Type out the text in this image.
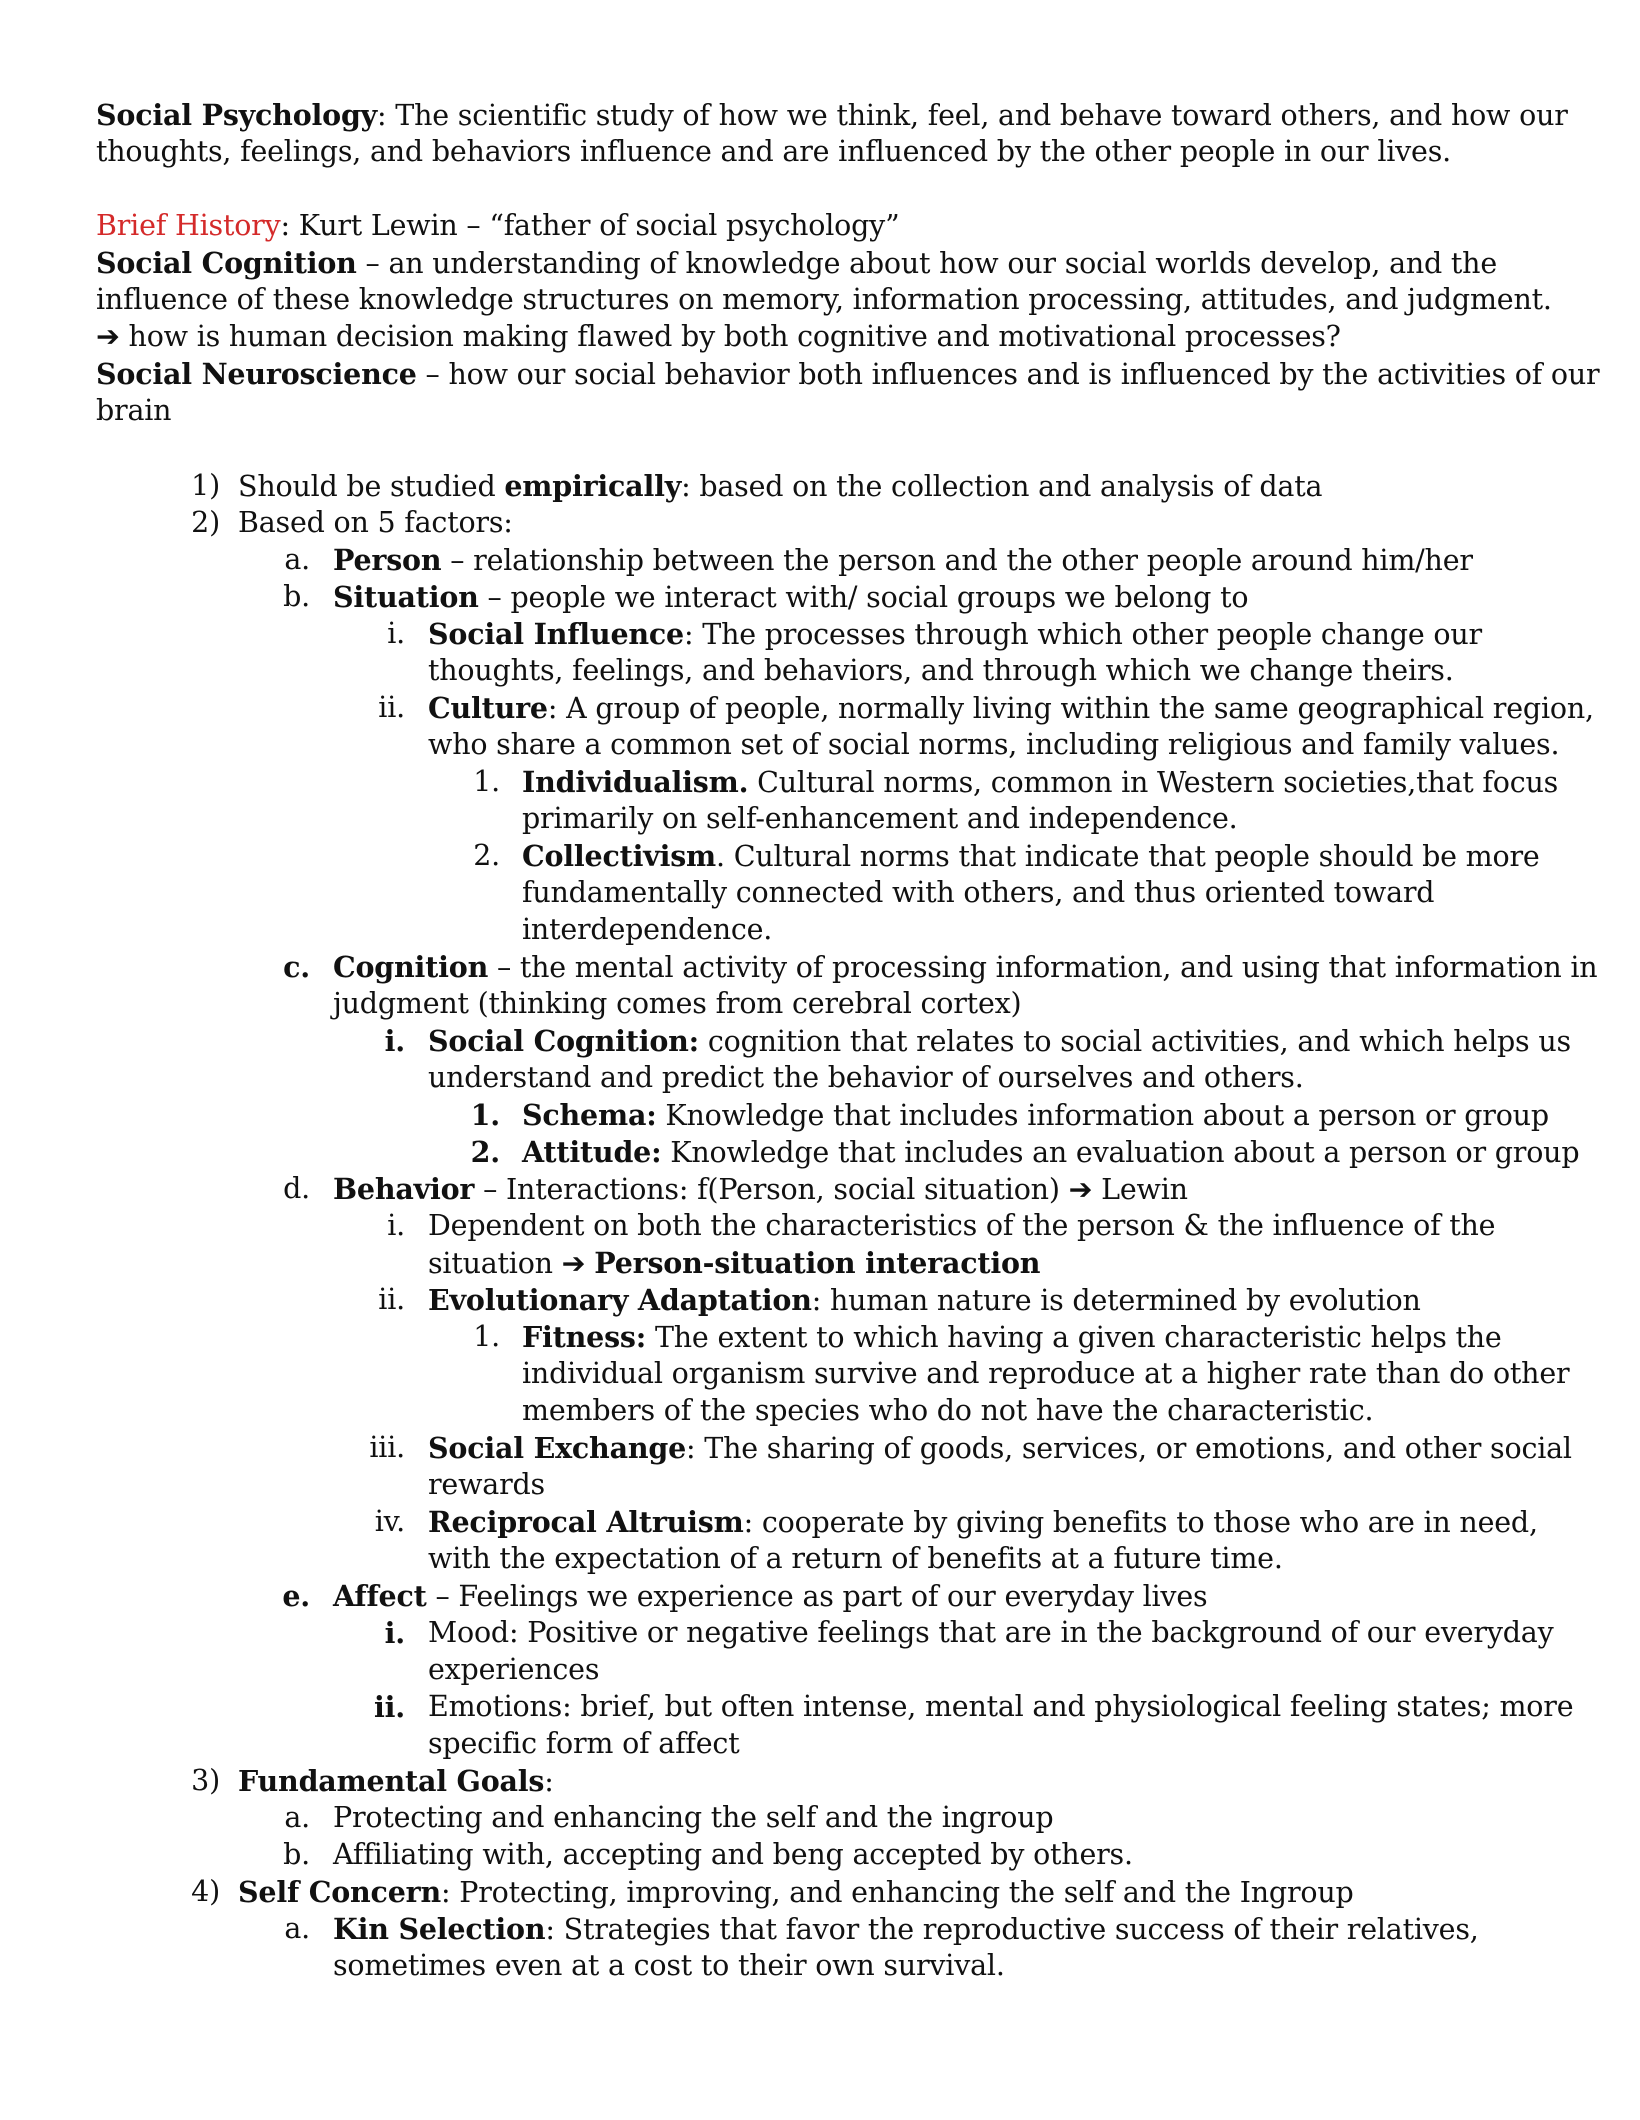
Social Psychology: The scientific study of how we think, feel, and behave toward others, and how our
thoughts, feelings, and behaviors influence and are influenced by the other people in our lives.
Brief History: Kurt Lewin – “father of social psychology”
Social Cognition – an understanding of knowledge about how our social worlds develop, and the
influence of these knowledge structures on memory, information processing, attitudes, and judgment.
➔ how is human decision making flawed by both cognitive and motivational processes?
Social Neuroscience – how our social behavior both influences and is influenced by the activities of our
brain
1) Should be studied empirically: based on the collection and analysis of data
2) Based on 5 factors:
a. Person – relationship between the person and the other people around him/her
b. Situation – people we interact with/ social groups we belong to
i. Social Influence: The processes through which other people change our
thoughts, feelings, and behaviors, and through which we change theirs.
ii. Culture: A group of people, normally living within the same geographical region,
who share a common set of social norms, including religious and family values.
1. Individualism. Cultural norms, common in Western societies,that focus
primarily on self-enhancement and independence.
2. Collectivism. Cultural norms that indicate that people should be more
fundamentally connected with others, and thus oriented toward
interdependence.
c. Cognition – the mental activity of processing information, and using that information in
judgment (thinking comes from cerebral cortex)
i. Social Cognition: cognition that relates to social activities, and which helps us
understand and predict the behavior of ourselves and others.
1. Schema: Knowledge that includes information about a person or group
2. Attitude: Knowledge that includes an evaluation about a person or group
d. Behavior – Interactions: f(Person, social situation) ➔ Lewin
i. Dependent on both the characteristics of the person & the influence of the
situation ➔ Person-situation interaction
ii. Evolutionary Adaptation: human nature is determined by evolution
1. Fitness: The extent to which having a given characteristic helps the
individual organism survive and reproduce at a higher rate than do other
members of the species who do not have the characteristic.
iii. Social Exchange: The sharing of goods, services, or emotions, and other social
rewards
iv. Reciprocal Altruism: cooperate by giving benefits to those who are in need,
with the expectation of a return of benefits at a future time.
e. Affect – Feelings we experience as part of our everyday lives
i. Mood: Positive or negative feelings that are in the background of our everyday
experiences
ii. Emotions: brief, but often intense, mental and physiological feeling states; more
specific form of affect
3) Fundamental Goals:
a. Protecting and enhancing the self and the ingroup
b. Affiliating with, accepting and beng accepted by others.
4) Self Concern: Protecting, improving, and enhancing the self and the Ingroup
a. Kin Selection: Strategies that favor the reproductive success of their relatives,
sometimes even at a cost to their own survival.
